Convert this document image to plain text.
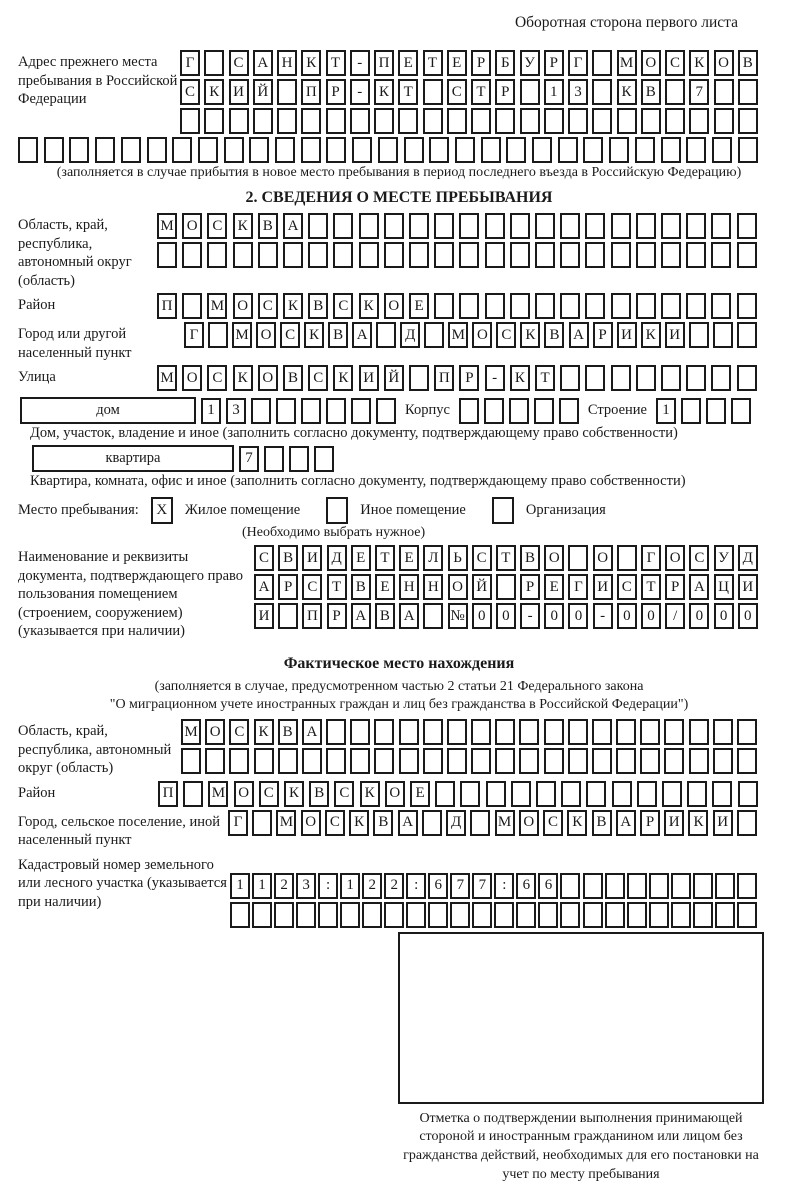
Оборотная сторона первого листа
Адрес прежнего места пребывания в Российской Федерации
Г	С А Н К Т	-	П Е	Т	Е	Р	Б У Р	Г	М О С К О В
С К И Й	П Р	-	К Т	С Т	Р	1	3	К В	7
(заполняется в случае прибытия в новое место пребывания в период последнего въезда в Российскую Федерацию)
2. СВЕДЕНИЯ О МЕСТЕ ПРЕБЫВАНИЯ
Область, край, республика, автономный округ (область)
М О С	К	В А
Район	П	М О С	К	В	С	К О	Е
Город или другой населенный пункт
Г	М О С К В А	Д	М О С К В А Р И К И
Улица	М О С	К О В	С	К И Й	П	Р	-	К	Т
дом	1	3	Корпус	Строение	1
Дом, участок, владение и иное (заполнить согласно документу, подтверждающему право собственности)
квартира	7
Квартира, комната, офис и иное (заполнить согласно документу, подтверждающему право собственности)
Место пребывания:	X	Жилое помещение	Иное помещение	Организация
(Необходимо выбрать нужное)
Наименование и реквизиты документа, подтверждающего право пользования помещением (строением, сооружением) (указывается при наличии)
С В И Д Е	Т	Е Л Ь С Т В О	О	Г О С У Д
А Р	С Т В Е Н Н О Й	Р	Е	Г И С Т	Р А Ц И
И	П Р А В А	№ 0	0	-	0	0	-	0	0	/	0	0	0
Фактическое место нахождения
(заполняется в случае, предусмотренном частью 2 статьи 21 Федерального закона
"О миграционном учете иностранных граждан и лиц без гражданства в Российской Федерации")
Область, край, республика, автономный округ (область)
М О С К В А
Район	П	М О С	К	В	С	К О	Е
Город, сельское поселение, иной населенный пункт
Г	М О С К В А	Д	М О С К В А Р И К И
Кадастровый номер земельного или лесного участка (указывается при наличии)
1 1 2 3	:	1 2 2	:	6 7 7	:	6 6
Отметка о подтверждении выполнения принимающей стороной и иностранным гражданином или лицом без гражданства действий, необходимых для его постановки на учет по месту пребывания
